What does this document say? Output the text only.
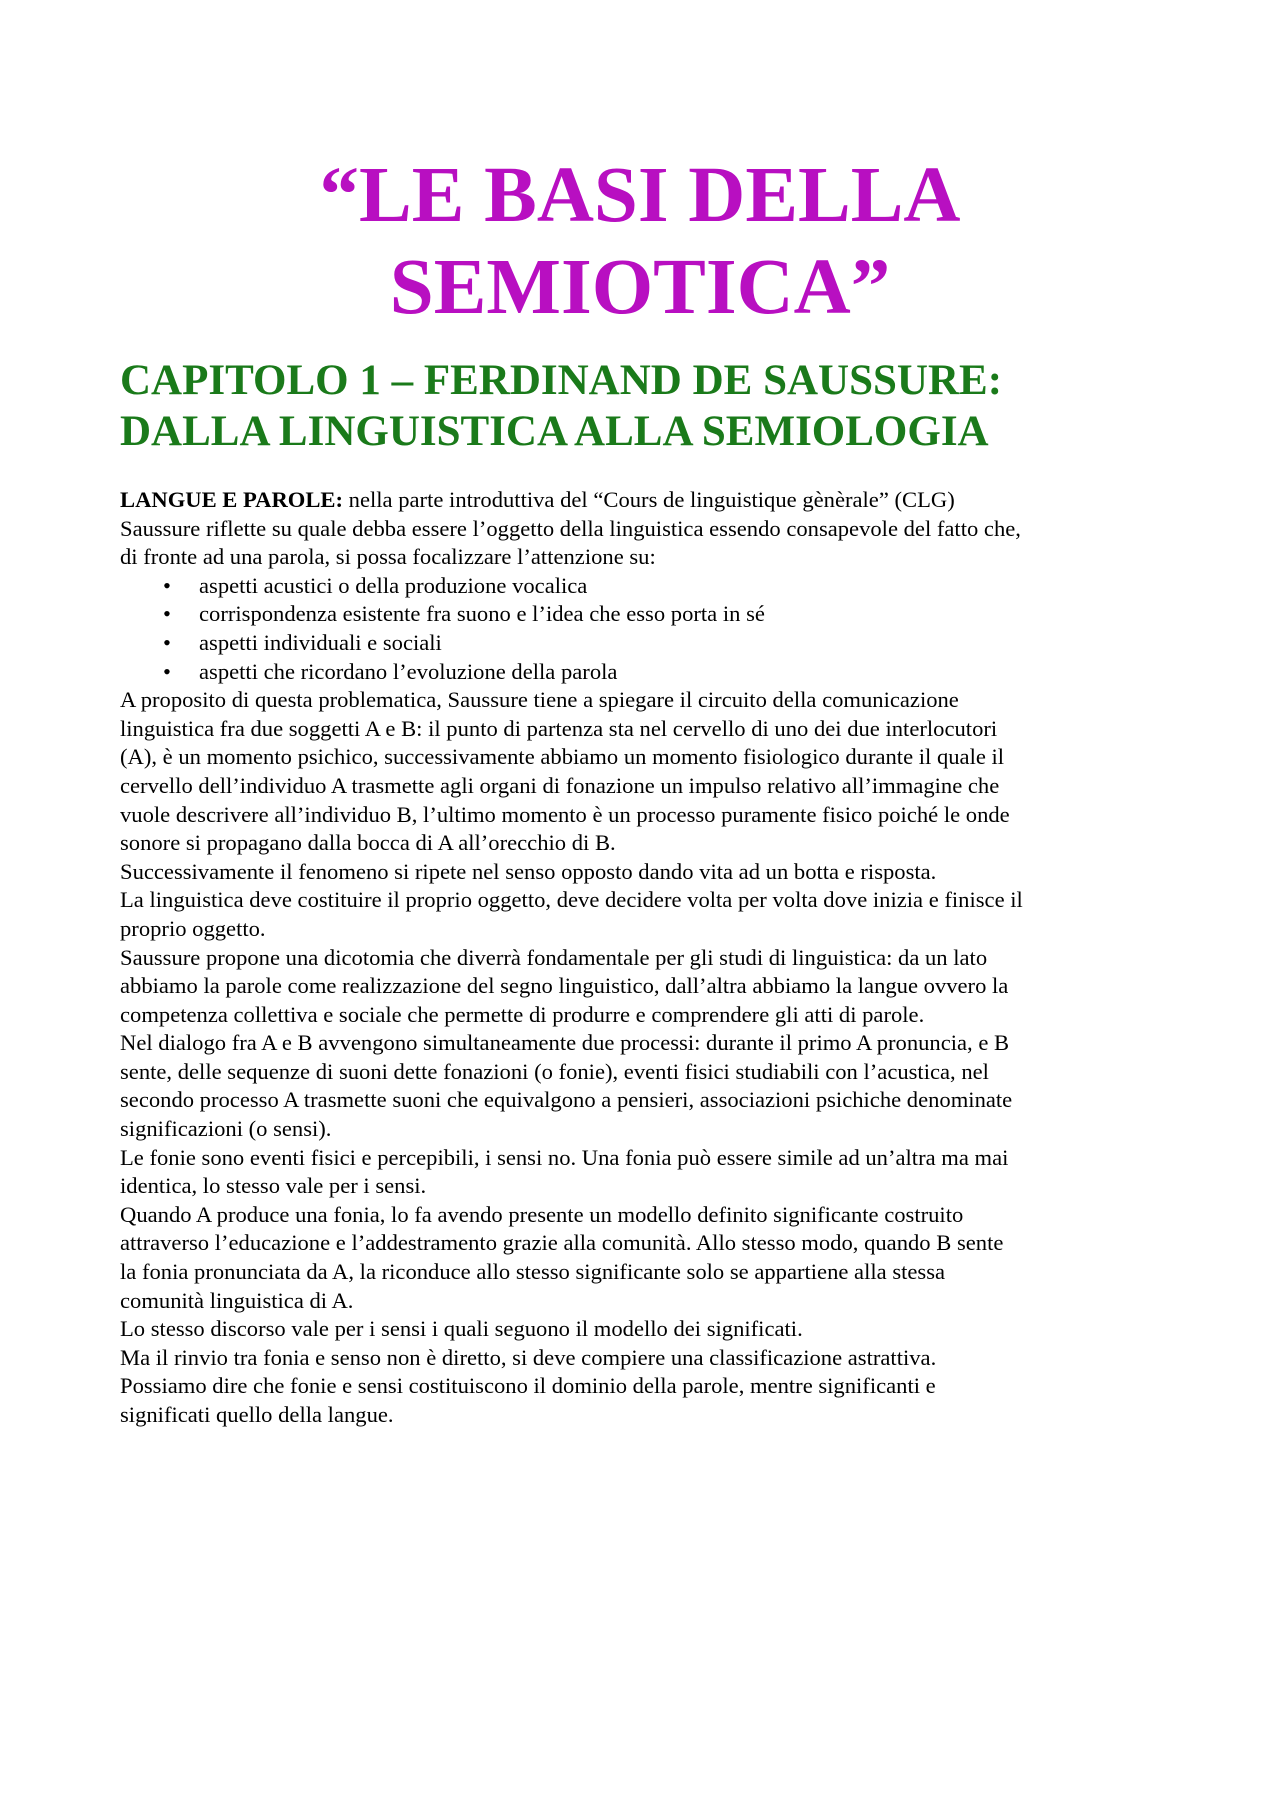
“LE BASI DELLA
SEMIOTICA”
CAPITOLO 1 – FERDINAND DE SAUSSURE:
DALLA LINGUISTICA ALLA SEMIOLOGIA
LANGUE E PAROLE: nella parte introduttiva del “Cours de linguistique gènèrale” (CLG)
Saussure riflette su quale debba essere l’oggetto della linguistica essendo consapevole del fatto che,
di fronte ad una parola, si possa focalizzare l’attenzione su:
• aspetti acustici o della produzione vocalica
• corrispondenza esistente fra suono e l’idea che esso porta in sé
• aspetti individuali e sociali
• aspetti che ricordano l’evoluzione della parola
A proposito di questa problematica, Saussure tiene a spiegare il circuito della comunicazione
linguistica fra due soggetti A e B: il punto di partenza sta nel cervello di uno dei due interlocutori
(A), è un momento psichico, successivamente abbiamo un momento fisiologico durante il quale il
cervello dell’individuo A trasmette agli organi di fonazione un impulso relativo all’immagine che
vuole descrivere all’individuo B, l’ultimo momento è un processo puramente fisico poiché le onde
sonore si propagano dalla bocca di A all’orecchio di B.
Successivamente il fenomeno si ripete nel senso opposto dando vita ad un botta e risposta.
La linguistica deve costituire il proprio oggetto, deve decidere volta per volta dove inizia e finisce il
proprio oggetto.
Saussure propone una dicotomia che diverrà fondamentale per gli studi di linguistica: da un lato
abbiamo la parole come realizzazione del segno linguistico, dall’altra abbiamo la langue ovvero la
competenza collettiva e sociale che permette di produrre e comprendere gli atti di parole.
Nel dialogo fra A e B avvengono simultaneamente due processi: durante il primo A pronuncia, e B
sente, delle sequenze di suoni dette fonazioni (o fonie), eventi fisici studiabili con l’acustica, nel
secondo processo A trasmette suoni che equivalgono a pensieri, associazioni psichiche denominate
significazioni (o sensi).
Le fonie sono eventi fisici e percepibili, i sensi no. Una fonia può essere simile ad un’altra ma mai
identica, lo stesso vale per i sensi.
Quando A produce una fonia, lo fa avendo presente un modello definito significante costruito
attraverso l’educazione e l’addestramento grazie alla comunità. Allo stesso modo, quando B sente
la fonia pronunciata da A, la riconduce allo stesso significante solo se appartiene alla stessa
comunità linguistica di A.
Lo stesso discorso vale per i sensi i quali seguono il modello dei significati.
Ma il rinvio tra fonia e senso non è diretto, si deve compiere una classificazione astrattiva.
Possiamo dire che fonie e sensi costituiscono il dominio della parole, mentre significanti e
significati quello della langue.
